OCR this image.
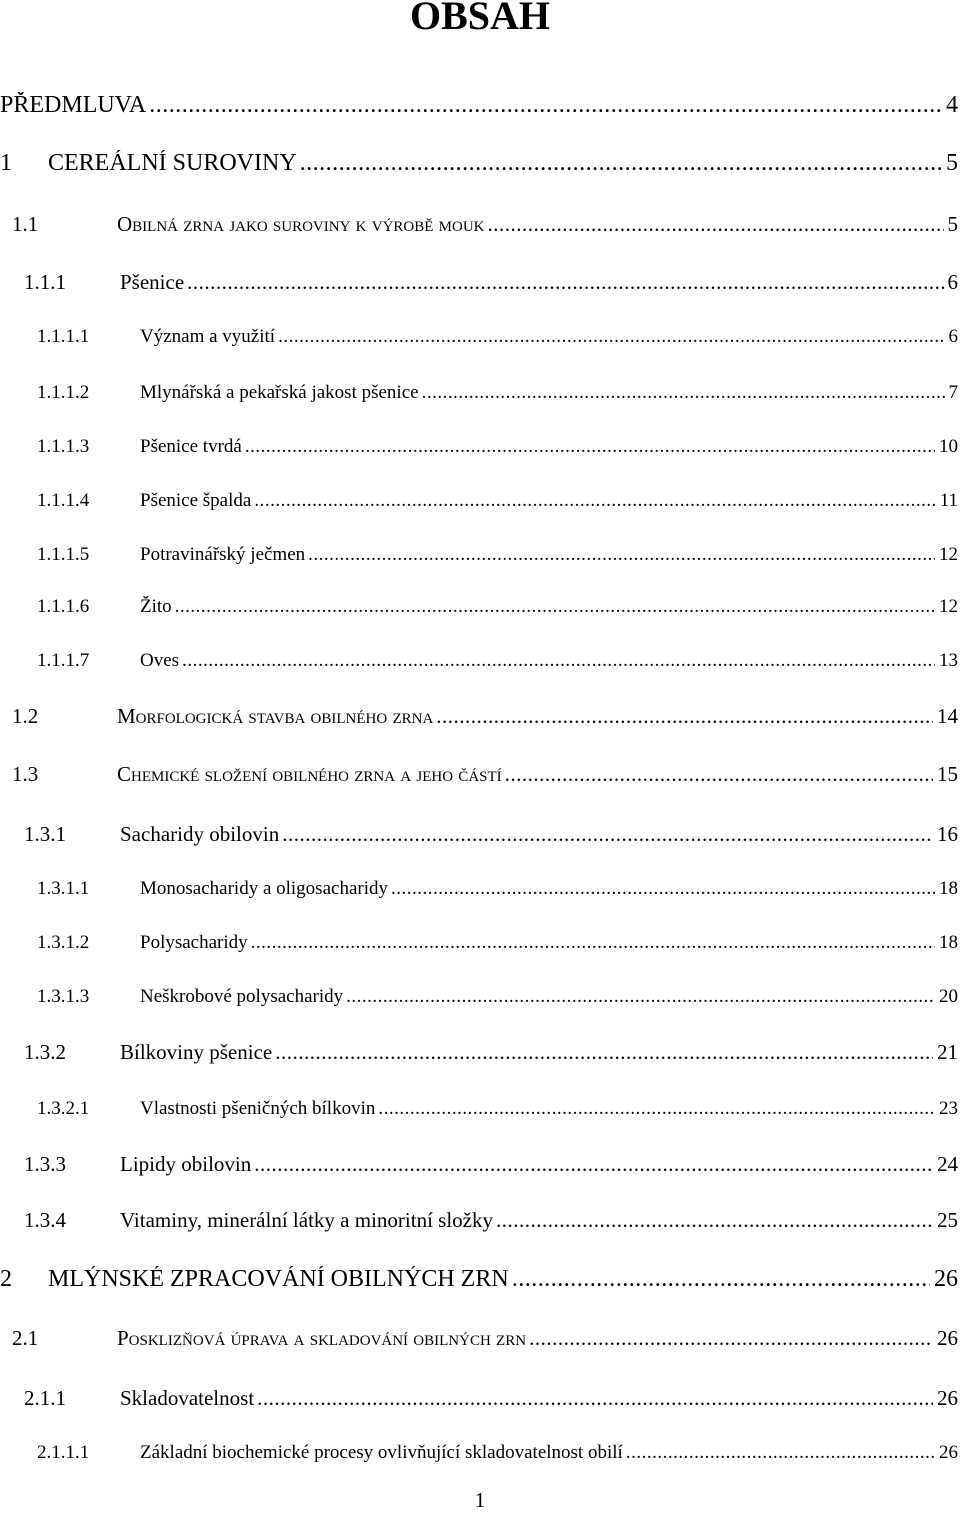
OBSAH
PŘEDMLUVA .....	4
1 CEREÁLNÍ SUROVINY .....	5
1.1	Obilná zrna jako suroviny k výrobě mouk .....	5
1.1.1	Pšenice .....	6
1.1.1.1	Význam a využití .....	6
1.1.1.2	Mlynářská a pekařská jakost pšenice .....	7
1.1.1.3	Pšenice tvrdá .....	10
1.1.1.4	Pšenice špalda .....	11
1.1.1.5	Potravinářský ječmen .....	12
1.1.1.6	Žito .....	12
1.1.1.7	Oves .....	13
1.2	Morfologická stavba obilného zrna .....	14
1.3	Chemické složení obilného zrna a jeho částí .....	15
1.3.1	Sacharidy obilovin .....	16
1.3.1.1	Monosacharidy a oligosacharidy .....	18
1.3.1.2	Polysacharidy .....	18
1.3.1.3	Neškrobové polysacharidy .....	20
1.3.2	Bílkoviny pšenice .....	21
1.3.2.1	Vlastnosti pšeničných bílkovin .....	23
1.3.3	Lipidy obilovin .....	24
1.3.4	Vitaminy, minerální látky a minoritní složky .....	25
2 MLÝNSKÉ ZPRACOVÁNÍ OBILNÝCH ZRN .....	26
2.1	Posklizňová úprava a skladování obilných zrn .....	26
2.1.1	Skladovatelnost .....	26
2.1.1.1	Základní biochemické procesy ovlivňující skladovatelnost obilí .....	26
1
